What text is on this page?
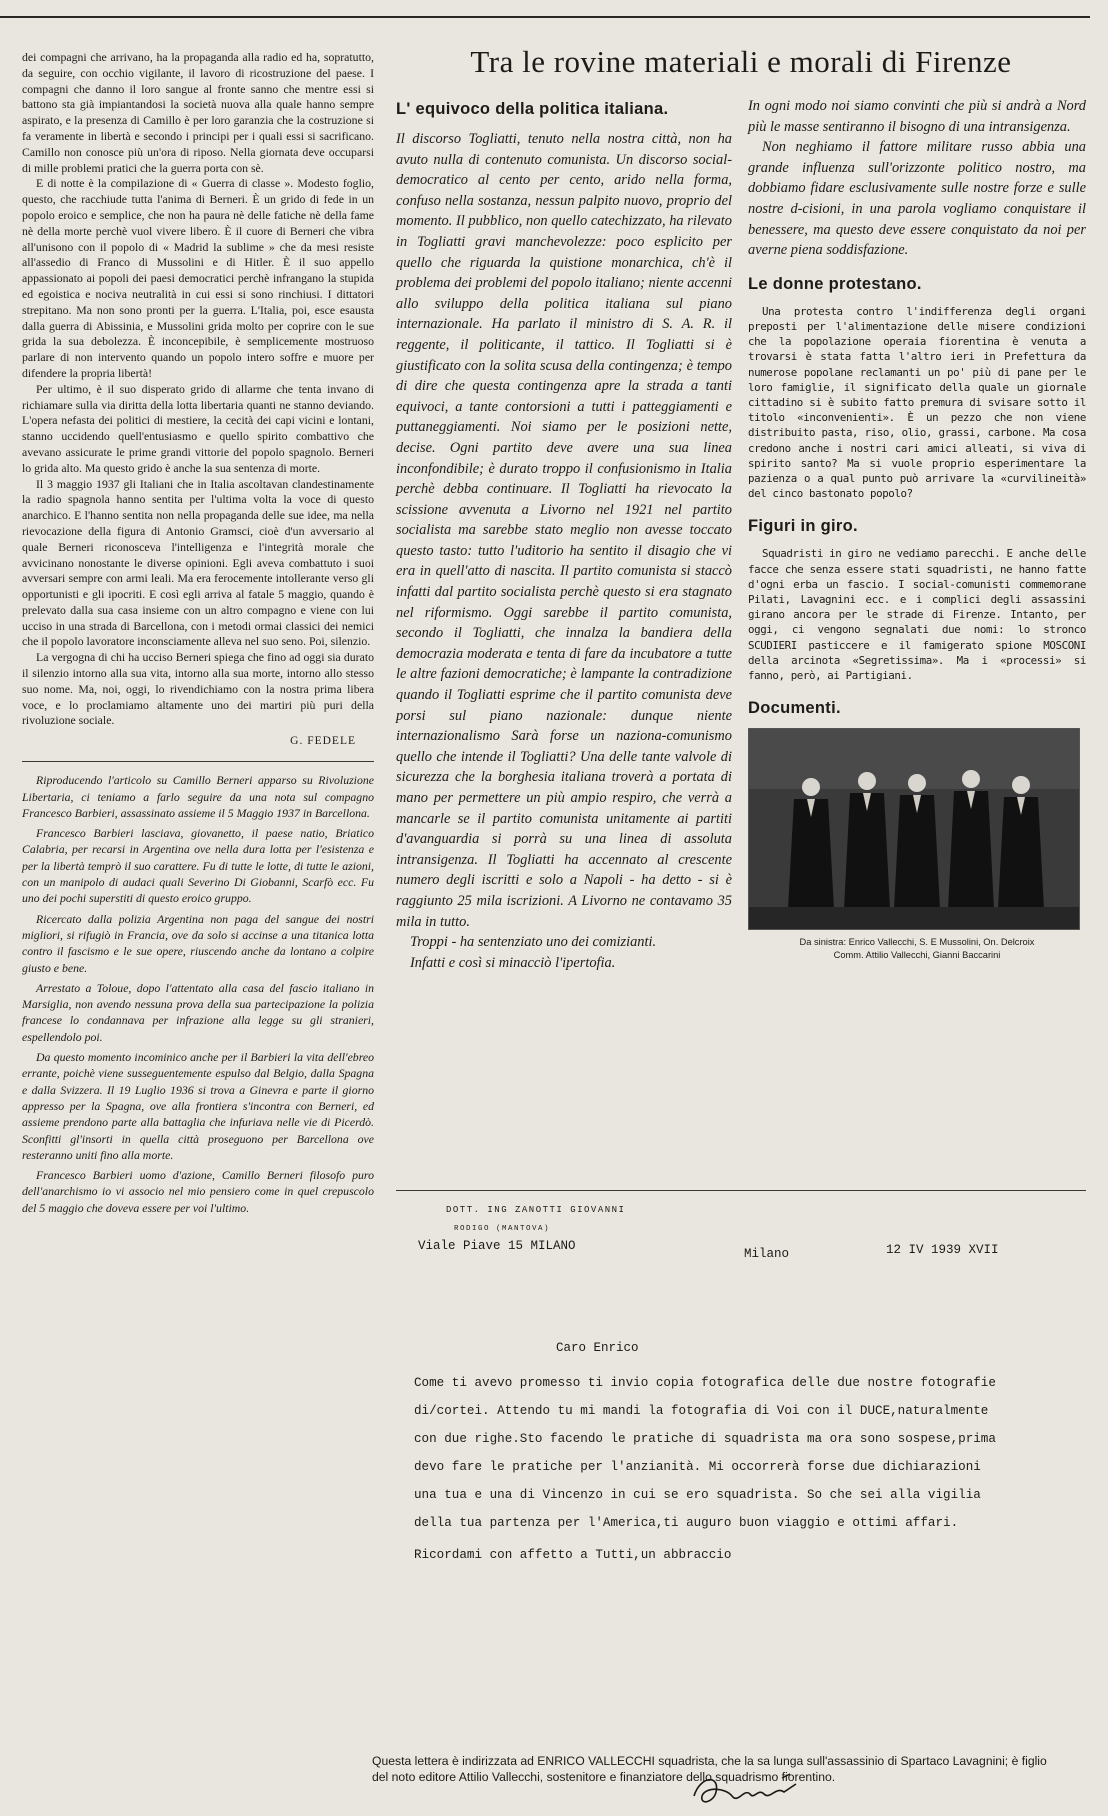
dei compagni che arrivano, ha la propaganda alla radio ed ha, sopratutto, da seguire, con occhio vigilante, il lavoro di ricostruzione del paese. I compagni che danno il loro sangue al fronte sanno che mentre essi si battono sta già impiantandosi la società nuova alla quale hanno sempre aspirato, e la presenza di Camillo è per loro garanzia che la costruzione si fa veramente in libertà e secondo i principi per i quali essi si sacrificano. Camillo non conosce più un'ora di riposo. Nella giornata deve occuparsi di mille problemi pratici che la guerra porta con sè.

E di notte è la compilazione di « Guerra di classe ». Modesto foglio, questo, che racchiude tutta l'anima di Berneri. È un grido di fede in un popolo eroico e semplice, che non ha paura nè delle fatiche nè della fame nè della morte perchè vuol vivere libero. È il cuore di Berneri che vibra all'unisono con il popolo di « Madrid la sublime » che da mesi resiste all'assedio di Franco di Mussolini e di Hitler. È il suo appello appassionato ai popoli dei paesi democratici perchè infrangano la stupida ed egoistica e nociva neutralità in cui essi si sono rinchiusi. I dittatori strepitano. Ma non sono pronti per la guerra. L'Italia, poi, esce esausta dalla guerra di Abissinia, e Mussolini grida molto per coprire con le sue grida la sua debolezza. È inconcepibile, è semplicemente mostruoso parlare di non intervento quando un popolo intero soffre e muore per difendere la propria libertà!

Per ultimo, è il suo disperato grido di allarme che tenta invano di richiamare sulla via diritta della lotta libertaria quanti ne stanno deviando. L'opera nefasta dei politici di mestiere, la cecità dei capi vicini e lontani, stanno uccidendo quell'entusiasmo e quello spirito combattivo che avevano assicurate le prime grandi vittorie del popolo spagnolo. Berneri lo grida alto. Ma questo grido è anche la sua sentenza di morte.

Il 3 maggio 1937 gli Italiani che in Italia ascoltavan clandestinamente la radio spagnola hanno sentita per l'ultima volta la voce di questo anarchico. E l'hanno sentita non nella propaganda delle sue idee, ma nella rievocazione della figura di Antonio Gramsci, cioè d'un avversario al quale Berneri riconosceva l'intelligenza e l'integrità morale che avvicinano nonostante le diverse opinioni. Egli aveva combattuto i suoi avversari sempre con armi leali. Ma era ferocemente intollerante verso gli opportunisti e gli ipocriti. E così egli arriva al fatale 5 maggio, quando è prelevato dalla sua casa insieme con un altro compagno e viene con lui ucciso in una strada di Barcellona, con i metodi ormai classici dei nemici che il popolo lavoratore inconsciamente alleva nel suo seno. Poi, silenzio.

La vergogna di chi ha ucciso Berneri spiega che fino ad oggi sia durato il silenzio intorno alla sua vita, intorno alla sua morte, intorno allo stesso suo nome. Ma, noi, oggi, lo rivendichiamo con la nostra prima libera voce, e lo proclamiamo altamente uno dei martiri più puri della rivoluzione sociale.

G. FEDELE

Riproducendo l'articolo su Camillo Berneri apparso su Rivoluzione Libertaria, ci teniamo a farlo seguire da una nota sul compagno Francesco Barbieri, assassinato assieme il 5 Maggio 1937 in Barcellona.

Francesco Barbieri lasciava, giovanetto, il paese natio, Briatico Calabria, per recarsi in Argentina ove nella dura lotta per l'esistenza e per la libertà temprò il suo carattere. Fu di tutte le lotte, di tutte le azioni, con un manipolo di audaci quali Severino Di Giobanni, Scarfò ecc. Fu uno dei pochi superstiti di questo eroico gruppo.

Ricercato dalla polizia Argentina non paga del sangue dei nostri migliori, si rifugiò in Francia, ove da solo si accinse a una titanica lotta contro il fascismo e le sue opere, riuscendo anche da lontano a colpire giusto e bene.

Arrestato a Toloue, dopo l'attentato alla casa del fascio italiano in Marsiglia, non avendo nessuna prova della sua partecipazione la polizia francese lo condannava per infrazione alla legge su gli stranieri, espellendolo poi.

Da questo momento incominico anche per il Barbieri la vita dell'ebreo errante, poichè viene susseguentemente espulso dal Belgio, dalla Spagna e dalla Svizzera. Il 19 Luglio 1936 si trova a Ginevra e parte il giorno appresso per la Spagna, ove alla frontiera s'incontra con Berneri, ed assieme prendono parte alla battaglia che infuriava nelle vie di Picerdò. Sconfitti gl'insorti in quella città proseguono per Barcellona ove resteranno uniti fino alla morte.

Francesco Barbieri uomo d'azione, Camillo Berneri filosofo puro dell'anarchismo io vi associo nel mio pensiero come in quel crepuscolo del 5 maggio che doveva essere per voi l'ultimo.

Tra le rovine materiali e morali di Firenze
L' equivoco della politica italiana.

Il discorso Togliatti, tenuto nella nostra città, non ha avuto nulla di contenuto comunista. Un discorso social-democratico al cento per cento, arido nella forma, confuso nella sostanza, nessun palpito nuovo, proprio del momento. Il pubblico, non quello catechizzato, ha rilevato in Togliatti gravi manchevolezze: poco esplicito per quello che riguarda la quistione monarchica, ch'è il problema dei problemi del popolo italiano; niente accenni allo sviluppo della politica italiana sul piano internazionale. Ha parlato il ministro di S. A. R. il reggente, il politicante, il tattico. Il Togliatti si è giustificato con la solita scusa della contingenza; è tempo di dire che questa contingenza apre la strada a tanti equivoci, a tante contorsioni a tutti i patteggiamenti e puttaneggiamenti. Noi siamo per le posizioni nette, decise. Ogni partito deve avere una sua linea inconfondibile; è durato troppo il confusionismo in Italia perchè debba continuare. Il Togliatti ha rievocato la scissione avvenuta a Livorno nel 1921 nel partito socialista ma sarebbe stato meglio non avesse toccato questo tasto: tutto l'uditorio ha sentito il disagio che vi era in quell'atto di nascita. Il partito comunista si staccò infatti dal partito socialista perchè questo si era stagnato nel riformismo. Oggi sarebbe il partito comunista, secondo il Togliatti, che innalza la bandiera della democrazia moderata e tenta di fare da incubatore a tutte le altre fazioni democratiche; è lampante la contradizione quando il Togliatti esprime che il partito comunista deve porsi sul piano nazionale: dunque niente internazionalismo Sarà forse un naziona-comunismo quello che intende il Togliatti? Una delle tante valvole di sicurezza che la borghesia italiana troverà a portata di mano per permettere un più ampio respiro, che verrà a mancarle se il partito comunista unitamente ai partiti d'avanguardia si porrà su una linea di assoluta intransigenza. Il Togliatti ha accennato al crescente numero degli iscritti e solo a Napoli - ha detto - si è raggiunto 25 mila iscrizioni. A Livorno ne contavamo 35 mila in tutto.

Troppi - ha sentenziato uno dei comizianti.

Infatti e così si minacciò l'ipertofia.

In ogni modo noi siamo convinti che più si andrà a Nord più le masse sentiranno il bisogno di una intransigenza.

Non neghiamo il fattore militare russo abbia una grande influenza sull'orizzonte politico nostro, ma dobbiamo fidare esclusivamente sulle nostre forze e sulle nostre d-cisioni, in una parola vogliamo conquistare il benessere, ma questo deve essere conquistato da noi per averne piena soddisfazione.

Le donne protestano.

Una protesta contro l'indifferenza degli organi preposti per l'alimentazione delle misere condizioni che la popolazione operaia fiorentina è venuta a trovarsi è stata fatta l'altro ieri in Prefettura da numerose popolane reclamanti un po' più di pane per le loro famiglie, il significato della quale un giornale cittadino si è subito fatto premura di svisare sotto il titolo «inconvenienti». È un pezzo che non viene distribuito pasta, riso, olio, grassi, carbone. Ma cosa credono anche i nostri cari amici alleati, si viva di spirito santo? Ma si vuole proprio esperimentare la pazienza o a qual punto può arrivare la «curvilineità» del cinco bastonato popolo?

Figuri in giro.

Squadristi in giro ne vediamo parecchi. E anche delle facce che senza essere stati squadristi, ne hanno fatte d'ogni erba un fascio. I social-comunisti commemorane Pilati, Lavagnini ecc. e i complici degli assassini girano ancora per le strade di Firenze. Intanto, per oggi, ci vengono segnalati due nomi: lo stronco SCUDIERI pasticcere e il famigerato spione MOSCONI della arcinota «Segretissima». Ma i «processi» si fanno, però, ai Partigiani.

Documenti.
Da sinistra: Enrico Vallecchi, S. E Mussolini, On. Delcroix
Comm. Attilio Vallecchi, Gianni Baccarini
DOTT. ING ZANOTTI GIOVANNI
RODIGO (MANTOVA)
Viale Piave 15 MILANO
Milano	12 IV 1939 XVII
Caro Enrico
Come ti avevo promesso ti invio copia fotografica delle due nostre fotografie
di/cortei. Attendo tu mi mandi la fotografia di Voi con il DUCE,naturalmente
con due righe.Sto facendo le pratiche di squadrista ma ora sono sospese,prima
devo fare le pratiche per l'anzianità. Mi occorrerà forse due dichiarazioni
una tua e una di Vincenzo in cui se ero squadrista. So che sei alla vigilia
della tua partenza per l'America,ti auguro buon viaggio e ottimi affari.
Ricordami con affetto a Tutti,un abbraccio
Questa lettera è indirizzata ad ENRICO VALLECCHI squadrista, che la sa lunga sull'assassinio di Spartaco Lavagnini; è figlio del noto editore Attilio Vallecchi, sostenitore e finanziatore dello squadrismo fiorentino.
